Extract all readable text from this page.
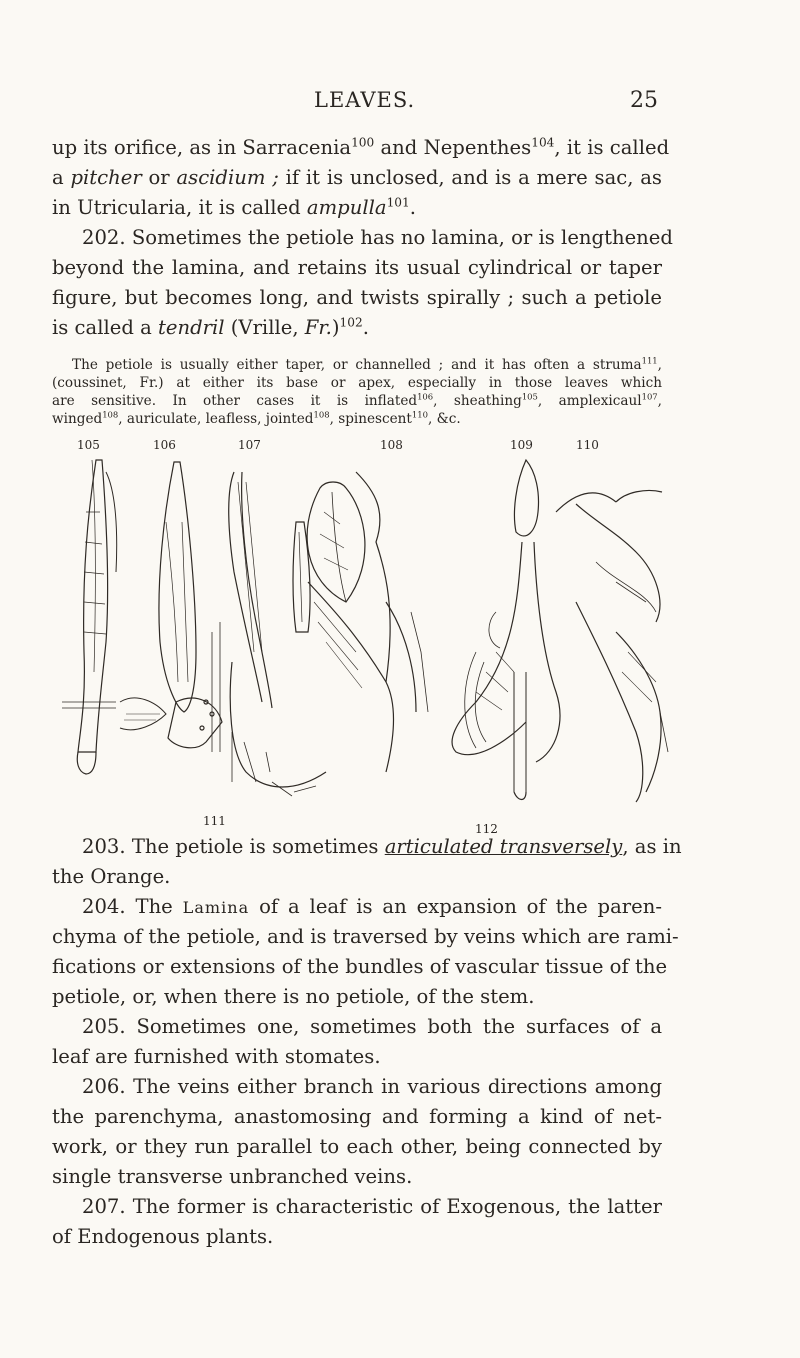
LEAVES.	25
up its orifice, as in Sarracenia$^{100}$ and Nepenthes$^{104}$, it is called
a pitcher or ascidium ; if it is unclosed, and is a mere sac, as
in Utricularia, it is called ampulla$^{101}$.
202. Sometimes the petiole has no lamina, or is lengthened
beyond the lamina, and retains its usual cylindrical or taper
figure, but becomes long, and twists spirally ; such a petiole
is called a tendril (Vrille, Fr.)$^{102}$.
The petiole is usually either taper, or channelled ; and it has often a struma$^{111}$,
(coussinet, Fr.) at either its base or apex, especially in those leaves which
are sensitive. In other cases it is inflated$^{106}$, sheathing$^{105}$, amplexicaul$^{107}$,
winged$^{108}$, auriculate, leafless, jointed$^{108}$, spinescent$^{110}$, &c.
105	106	107	108	109	110
111
112
203. The petiole is sometimes articulated transversely, as in
the Orange.
204. The Lamina of a leaf is an expansion of the paren-
chyma of the petiole, and is traversed by veins which are rami-
fications or extensions of the bundles of vascular tissue of the
petiole, or, when there is no petiole, of the stem.
205. Sometimes one, sometimes both the surfaces of a
leaf are furnished with stomates.
206. The veins either branch in various directions among
the parenchyma, anastomosing and forming a kind of net-
work, or they run parallel to each other, being connected by
single transverse unbranched veins.
207. The former is characteristic of Exogenous, the latter
of Endogenous plants.
